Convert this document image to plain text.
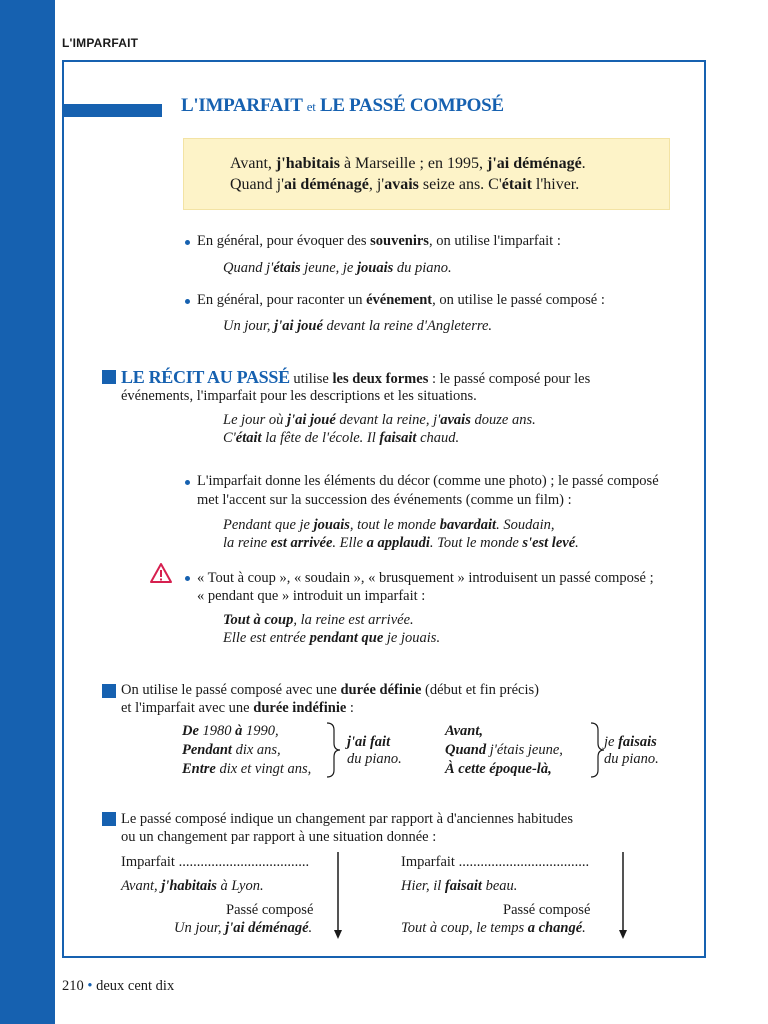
L'IMPARFAIT
L'IMPARFAIT et LE PASSÉ COMPOSÉ
Avant, j'habitais à Marseille ; en 1995, j'ai déménagé.
Quand j'ai déménagé, j'avais seize ans. C'était l'hiver.
En général, pour évoquer des souvenirs, on utilise l'imparfait :
Quand j'étais jeune, je jouais du piano.
En général, pour raconter un événement, on utilise le passé composé :
Un jour, j'ai joué devant la reine d'Angleterre.
LE RÉCIT AU PASSÉ utilise les deux formes : le passé composé pour les
événements, l'imparfait pour les descriptions et les situations.
Le jour où j'ai joué devant la reine, j'avais douze ans.
C'était la fête de l'école. Il faisait chaud.
L'imparfait donne les éléments du décor (comme une photo) ; le passé composé
met l'accent sur la succession des événements (comme un film) :
Pendant que je jouais, tout le monde bavardait. Soudain,
la reine est arrivée. Elle a applaudi. Tout le monde s'est levé.
« Tout à coup », « soudain », « brusquement » introduisent un passé composé ;
« pendant que » introduit un imparfait :
Tout à coup, la reine est arrivée.
Elle est entrée pendant que je jouais.
On utilise le passé composé avec une durée définie (début et fin précis)
et l'imparfait avec une durée indéfinie :
De 1980 à 1990,
Pendant dix ans,
Entre dix et vingt ans,
j'ai fait
du piano.
Avant,
Quand j'étais jeune,
À cette époque-là,
je faisais
du piano.
Le passé composé indique un changement par rapport à d'anciennes habitudes
ou un changement par rapport à une situation donnée :
Imparfait ....................................
Avant, j'habitais à Lyon.
Passé composé
Un jour, j'ai déménagé.
Imparfait ....................................
Hier, il faisait beau.
Passé composé
Tout à coup, le temps a changé.
210 • deux cent dix
